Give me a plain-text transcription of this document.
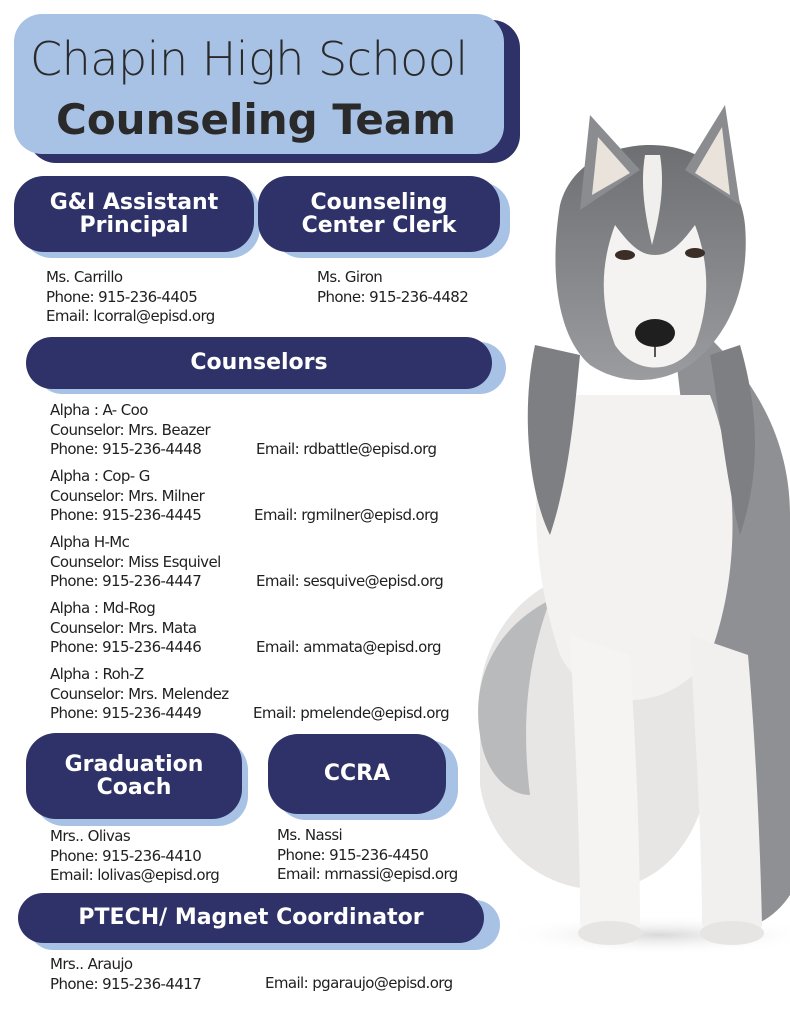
Chapin High School
Counseling Team
G&I Assistant Principal
Counseling Center Clerk
Ms. Carrillo
Phone: 915-236-4405
Email: lcorral@episd.org
Ms. Giron
Phone: 915-236-4482
Counselors
Alpha : A- Coo
Counselor: Mrs. Beazer
Phone: 915-236-4448	Email: rdbattle@episd.org
Alpha : Cop- G
Counselor: Mrs. Milner
Phone: 915-236-4445	Email: rgmilner@episd.org
Alpha H-Mc
Counselor: Miss Esquivel
Phone: 915-236-4447	Email: sesquive@episd.org
Alpha : Md-Rog
Counselor: Mrs. Mata
Phone: 915-236-4446	Email: ammata@episd.org
Alpha : Roh-Z
Counselor: Mrs. Melendez
Phone: 915-236-4449	Email: pmelende@episd.org
Graduation Coach
CCRA
Mrs.. Olivas
Phone: 915-236-4410
Email: lolivas@episd.org
Ms. Nassi
Phone: 915-236-4450
Email: mrnassi@episd.org
PTECH/ Magnet Coordinator
Mrs.. Araujo
Phone: 915-236-4417	Email: pgaraujo@episd.org
